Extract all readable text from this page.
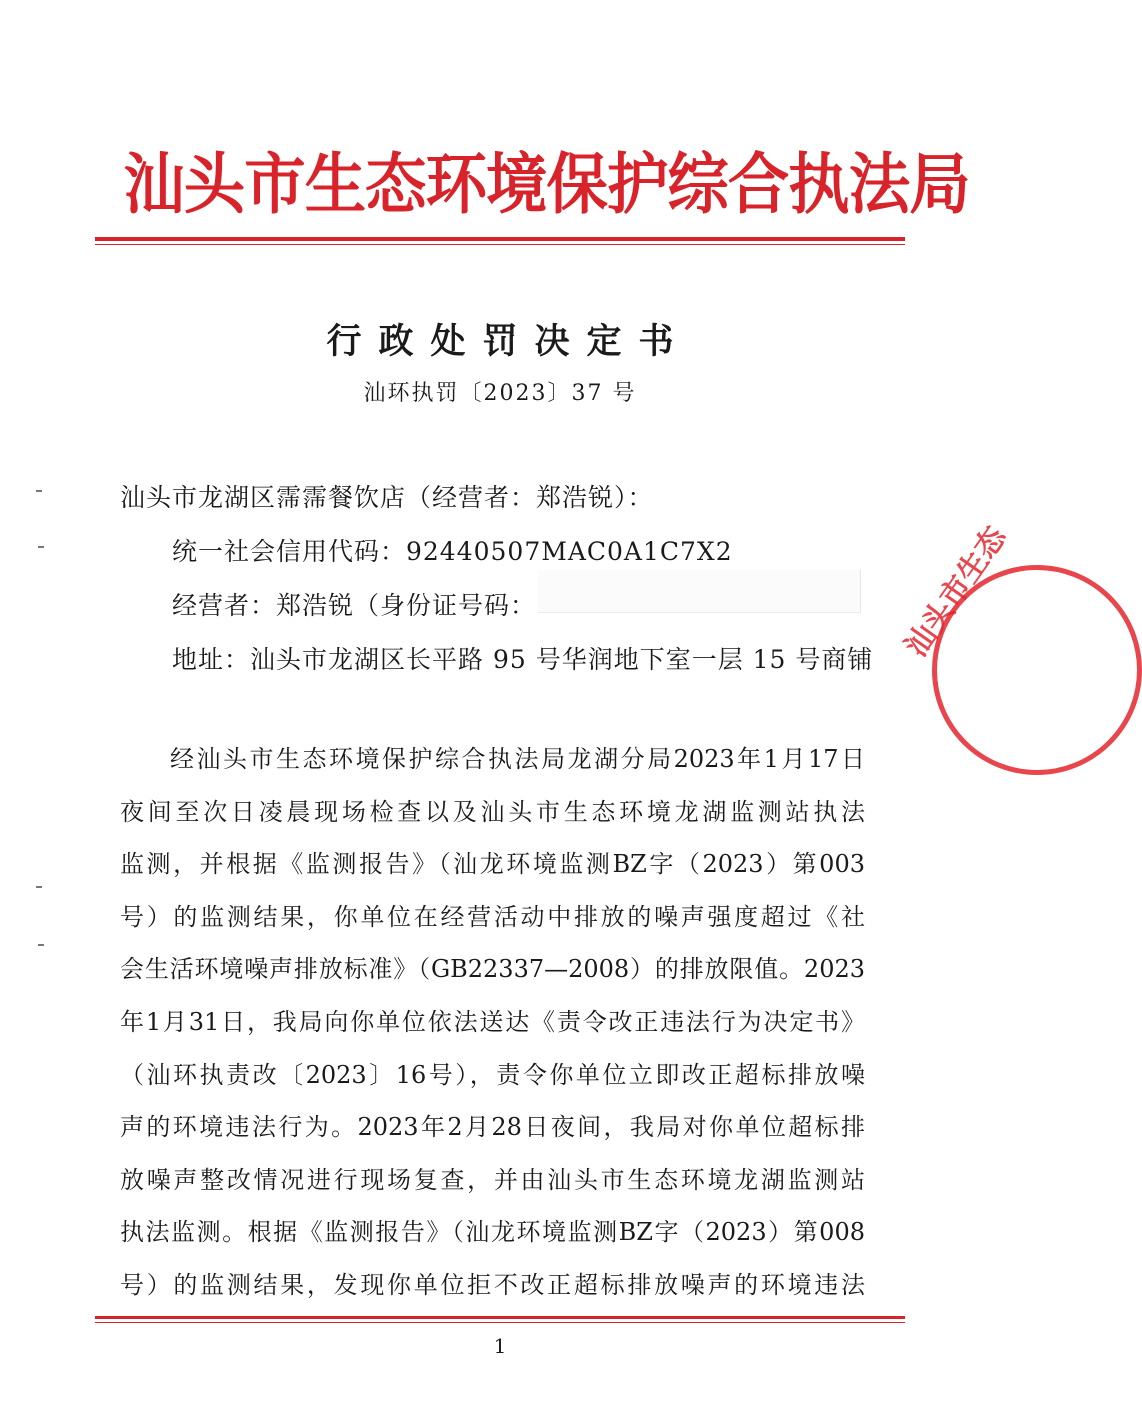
汕头市生态环境保护综合执法局
行政处罚决定书
汕环执罚〔2023〕37 号
汕头市龙湖区霈霈餐饮店（经营者：郑浩锐）：
统一社会信用代码：92440507MAC0A1C7X2
经营者：郑浩锐（身份证号码：
地址：汕头市龙湖区长平路 95 号华润地下室一层 15 号商铺

经汕头市生态环境保护综合执法局龙湖分局2023年1月17日

夜间至次日凌晨现场检查以及汕头市生态环境龙湖监测站执法

监测，并根据《监测报告》（汕龙环境监测BZ字（2023）第003

号）的监测结果，你单位在经营活动中排放的噪声强度超过《社

会生活环境噪声排放标准》（GB22337—2008）的排放限值。2023

年1月31日，我局向你单位依法送达《责令改正违法行为决定书》

（汕环执责改〔2023〕16号），责令你单位立即改正超标排放噪

声的环境违法行为。2023年2月28日夜间，我局对你单位超标排

放噪声整改情况进行现场复查，并由汕头市生态环境龙湖监测站

执法监测。根据《监测报告》（汕龙环境监测BZ字（2023）第008

号）的监测结果，发现你单位拒不改正超标排放噪声的环境违法

汕头市生态
1
